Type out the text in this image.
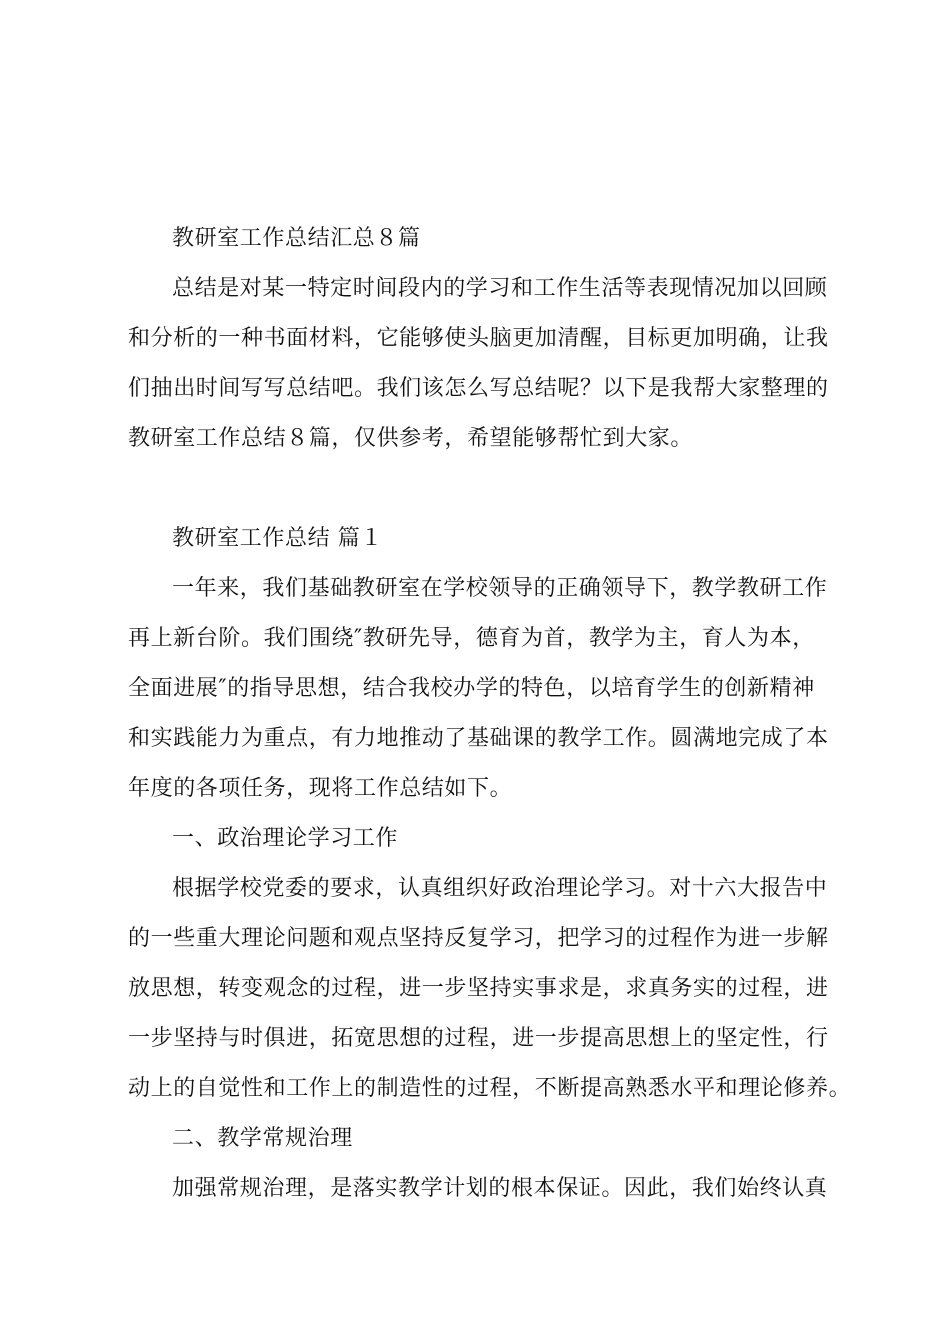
教研室工作总结汇总８篇
总结是对某一特定时间段内的学习和工作生活等表现情况加以回顾
和分析的一种书面材料，它能够使头脑更加清醒，目标更加明确，让我
们抽出时间写写总结吧。我们该怎么写总结呢？以下是我帮大家整理的
教研室工作总结８篇，仅供参考，希望能够帮忙到大家。
教研室工作总结 篇１
一年来，我们基础教研室在学校领导的正确领导下，教学教研工作
再上新台阶。我们围绕″教研先导，德育为首，教学为主，育人为本，
全面进展″的指导思想，结合我校办学的特色，以培育学生的创新精神
和实践能力为重点，有力地推动了基础课的教学工作。圆满地完成了本
年度的各项任务，现将工作总结如下。
一、政治理论学习工作
根据学校党委的要求，认真组织好政治理论学习。对十六大报告中
的一些重大理论问题和观点坚持反复学习，把学习的过程作为进一步解
放思想，转变观念的过程，进一步坚持实事求是，求真务实的过程，进
一步坚持与时俱进，拓宽思想的过程，进一步提高思想上的坚定性，行
动上的自觉性和工作上的制造性的过程，不断提高熟悉水平和理论修养。
二、教学常规治理
加强常规治理，是落实教学计划的根本保证。因此，我们始终认真
